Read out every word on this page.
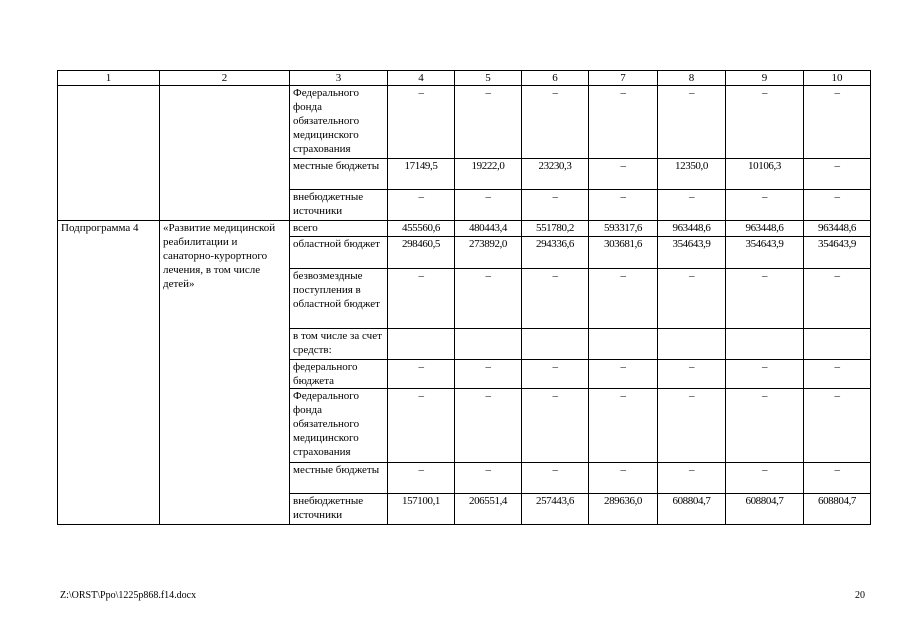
1	2	3	4	5	6	7	8	9	10
		Федерального фонда обязательного медицинского страхования	–	–	–	–	–	–	–
		местные бюджеты	17149,5	19222,0	23230,3	–	12350,0	10106,3	–
		внебюджетные источники	–	–	–	–	–	–	–
Подпрограмма 4	«Развитие медицинской реабилитации и санаторно-курортного лечения, в том числе детей»	всего	455560,6	480443,4	551780,2	593317,6	963448,6	963448,6	963448,6
		областной бюджет	298460,5	273892,0	294336,6	303681,6	354643,9	354643,9	354643,9
		безвозмездные поступления в областной бюджет	–	–	–	–	–	–	–
		в том числе за счет средств:							
		федерального бюджета	–	–	–	–	–	–	–
		Федерального фонда обязательного медицинского страхования	–	–	–	–	–	–	–
		местные бюджеты	–	–	–	–	–	–	–
		внебюджетные источники	157100,1	206551,4	257443,6	289636,0	608804,7	608804,7	608804,7
Z:\ORST\Ppo\1225p868.f14.docx	20
